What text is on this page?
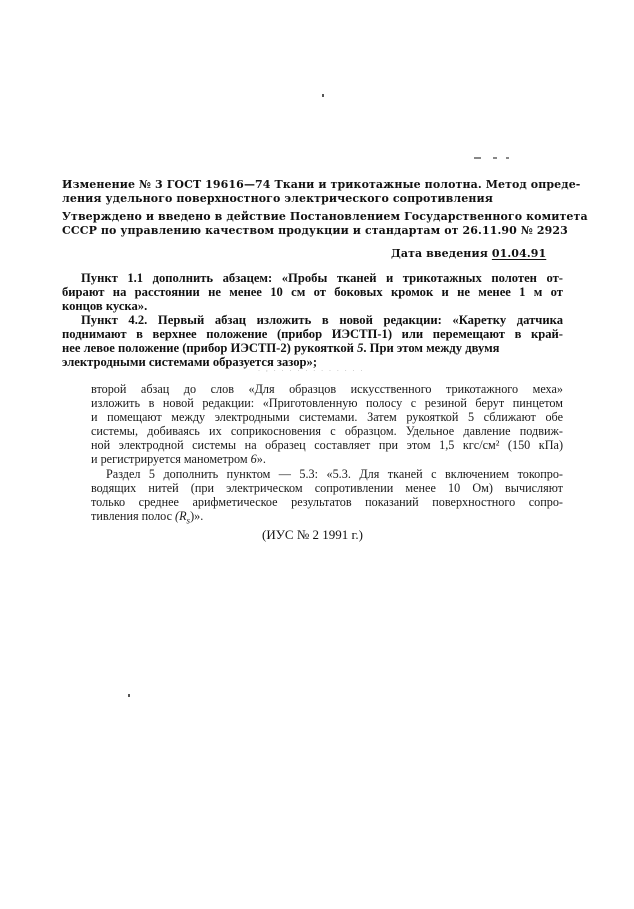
Изменение № 3 ГОСТ 19616—74 Ткани и трикотажные полотна. Метод опреде-
ления удельного поверхностного электрического сопротивления
Утверждено и введено в действие Постановлением Государственного комитета
СССР по управлению качеством продукции и стандартам от 26.11.90 № 2923
Дата введения 01.04.91
Пункт 1.1 дополнить абзацем: «Пробы тканей и трикотажных полотен от-
бирают на расстоянии не менее 10 см от боковых кромок и не менее 1 м от
концов куска».
Пункт 4.2. Первый абзац изложить в новой редакции: «Каретку датчика
поднимают в верхнее положение (прибор ИЭСТП-1) или перемещают в край-
нее левое положение (прибор ИЭСТП-2) рукояткой 5. При этом между двумя
электродными системами образуется зазор»;
. , . . . . . . . . . . . .
второй абзац до слов «Для образцов искусственного трикотажного меха»
изложить в новой редакции: «Приготовленную полосу с резиной берут пинцетом
и помещают между электродными системами. Затем рукояткой 5 сближают обе
системы, добиваясь их соприкосновения с образцом. Удельное давление подвиж-
ной электродной системы на образец составляет при этом 1,5 кгс/см² (150 кПа)
и регистрируется манометром 6».
Раздел 5 дополнить пунктом — 5.3: «5.3. Для тканей с включением токопро-
водящих нитей (при электрическом сопротивлении менее 10 Ом) вычисляют
только среднее арифметическое результатов показаний поверхностного сопро-
тивления полос $(R_s)$».
(ИУС № 2 1991 г.)
